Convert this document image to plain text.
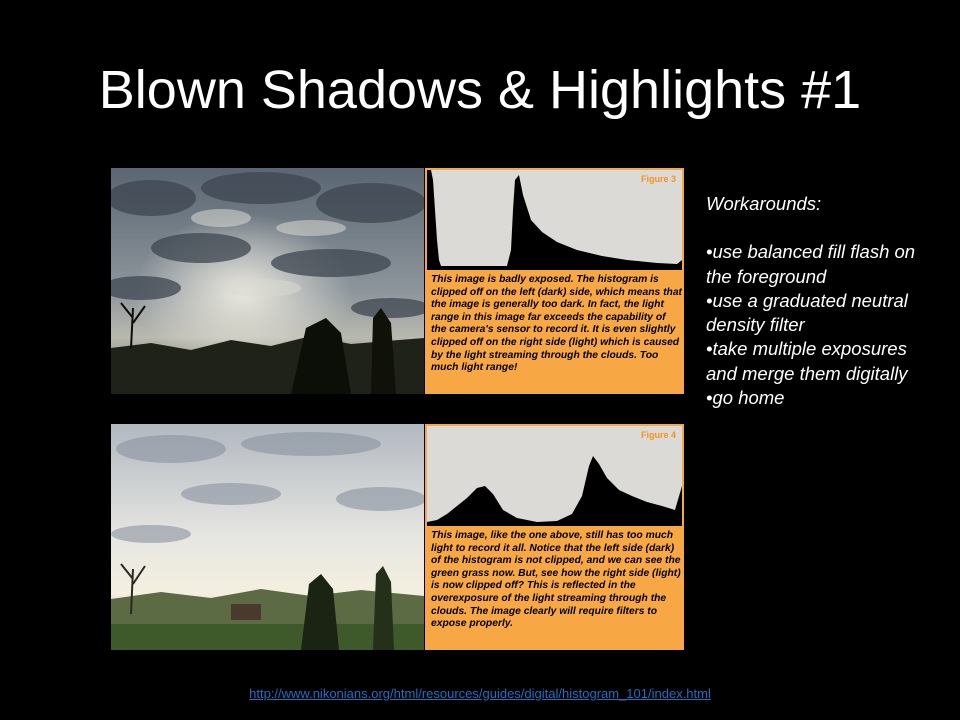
Blown Shadows & Highlights #1
Figure 3
This image is badly exposed. The histogram is clipped off on the left (dark) side, which means that the image is generally too dark. In fact, the light range in this image far exceeds the capability of the camera's sensor to record it. It is even slightly clipped off on the right side (light) which is caused by the light streaming through the clouds. Too much light range!
Figure 4
This image, like the one above, still has too much light to record it all. Notice that the left side (dark) of the histogram is not clipped, and we can see the green grass now. But, see how the right side (light) is now clipped off? This is reflected in the overexposure of the light streaming through the clouds. The image clearly will require filters to expose properly.
Workarounds:
•use balanced fill flash on the foreground
•use a graduated neutral density filter
•take multiple exposures and merge them digitally
•go home
http://www.nikonians.org/html/resources/guides/digital/histogram_101/index.html
